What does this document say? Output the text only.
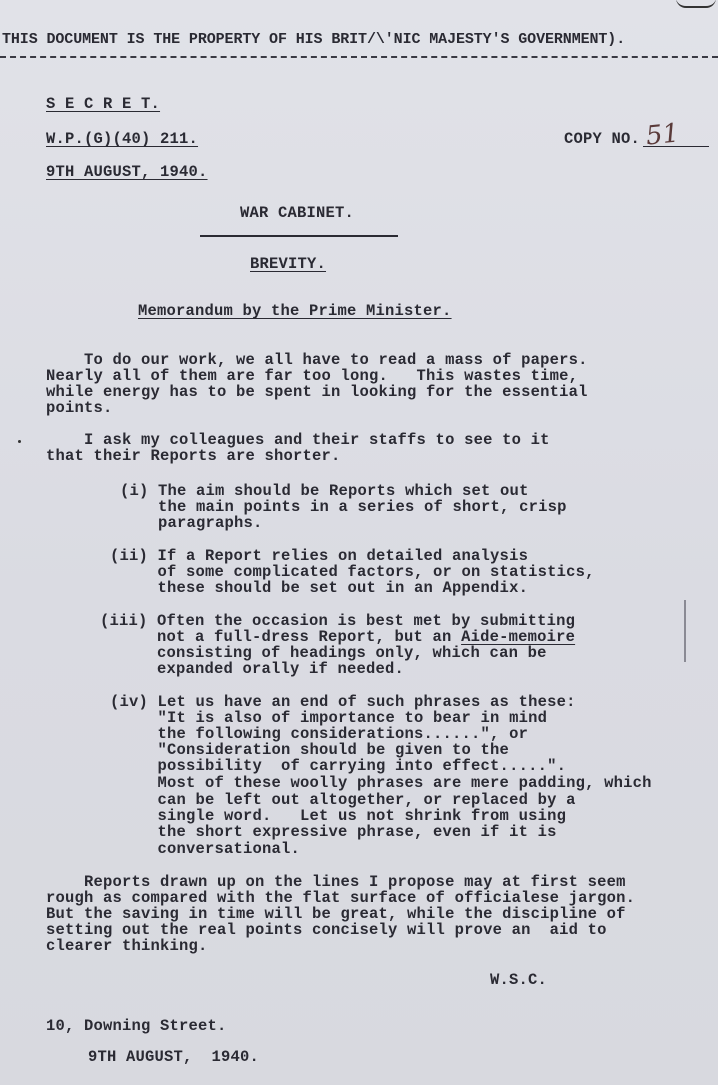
THIS DOCUMENT IS THE PROPERTY OF HIS BRIT/\'NIC MAJESTY'S GOVERNMENT).
S E C R E T.
W.P.(G)(40) 211.	COPY NO. 51
9TH AUGUST, 1940.
WAR CABINET.
BREVITY.
Memorandum by the Prime Minister.
To do our work, we all have to read a mass of papers.
Nearly all of them are far too long.   This wastes time,
while energy has to be spent in looking for the essential
points.
I ask my colleagues and their staffs to see to it
that their Reports are shorter.
(i) The aim should be Reports which set out
the main points in a series of short, crisp
paragraphs.
(ii) If a Report relies on detailed analysis
of some complicated factors, or on statistics,
these should be set out in an Appendix.
(iii) Often the occasion is best met by submitting
not a full-dress Report, but an Aide-memoire
consisting of headings only, which can be
expanded orally if needed.
(iv) Let us have an end of such phrases as these:
"It is also of importance to bear in mind
the following considerations......", or
"Consideration should be given to the
possibility  of carrying into effect.....".
Most of these woolly phrases are mere padding, which
can be left out altogether, or replaced by a
single word.   Let us not shrink from using
the short expressive phrase, even if it is
conversational.
Reports drawn up on the lines I propose may at first seem
rough as compared with the flat surface of officialese jargon.
But the saving in time will be great, while the discipline of
setting out the real points concisely will prove an  aid to
clearer thinking.
W.S.C.
10, Downing Street.
9TH AUGUST,  1940.
